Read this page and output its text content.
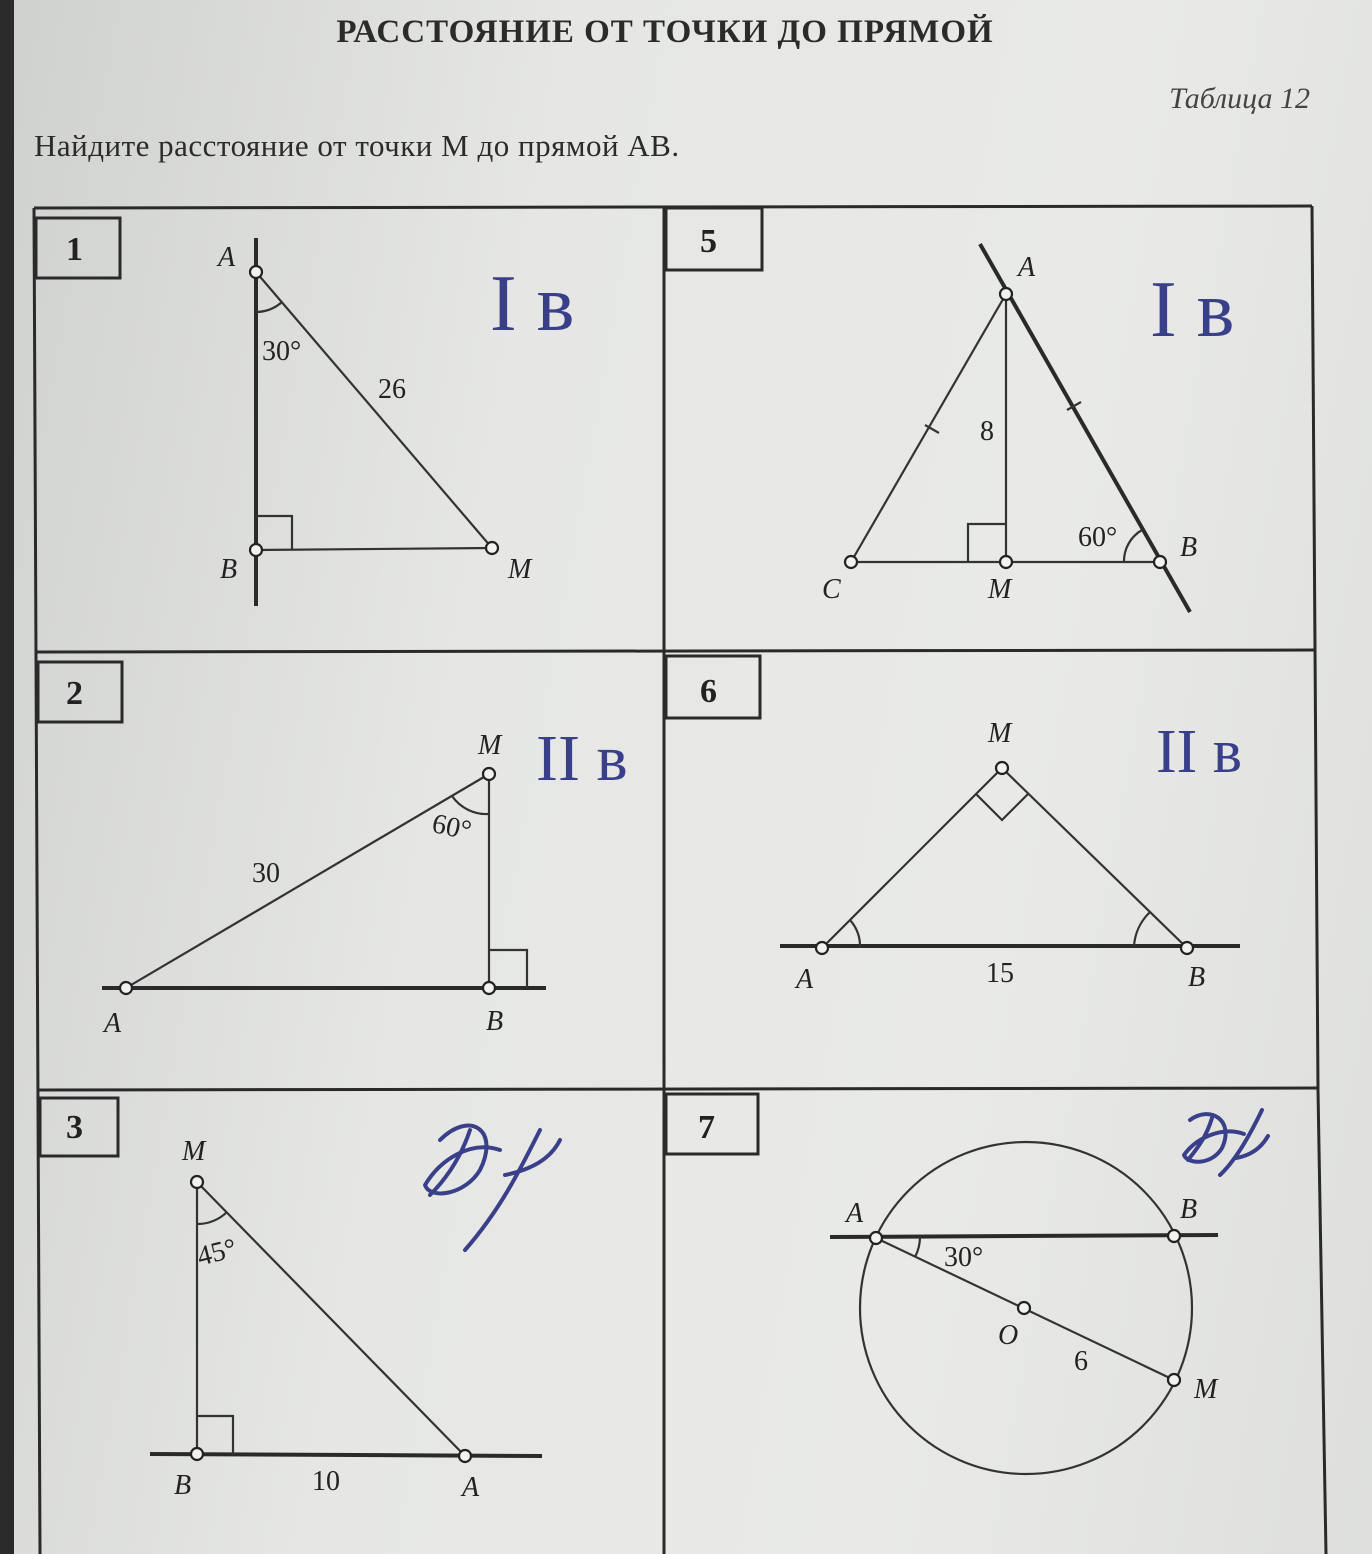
РАССТОЯНИЕ ОТ ТОЧКИ ДО ПРЯМОЙ
Таблица 12
Найдите расстояние от точки M до прямой AB.
1
2
3
5
6
7
A
B	M
30°
26
I в
M
A	B
60°
30
II в
M
B	A
45°
10
A
B
C	M
60°
8
I в
M
A	B
15
II в
A	B
O
M
30°
6
